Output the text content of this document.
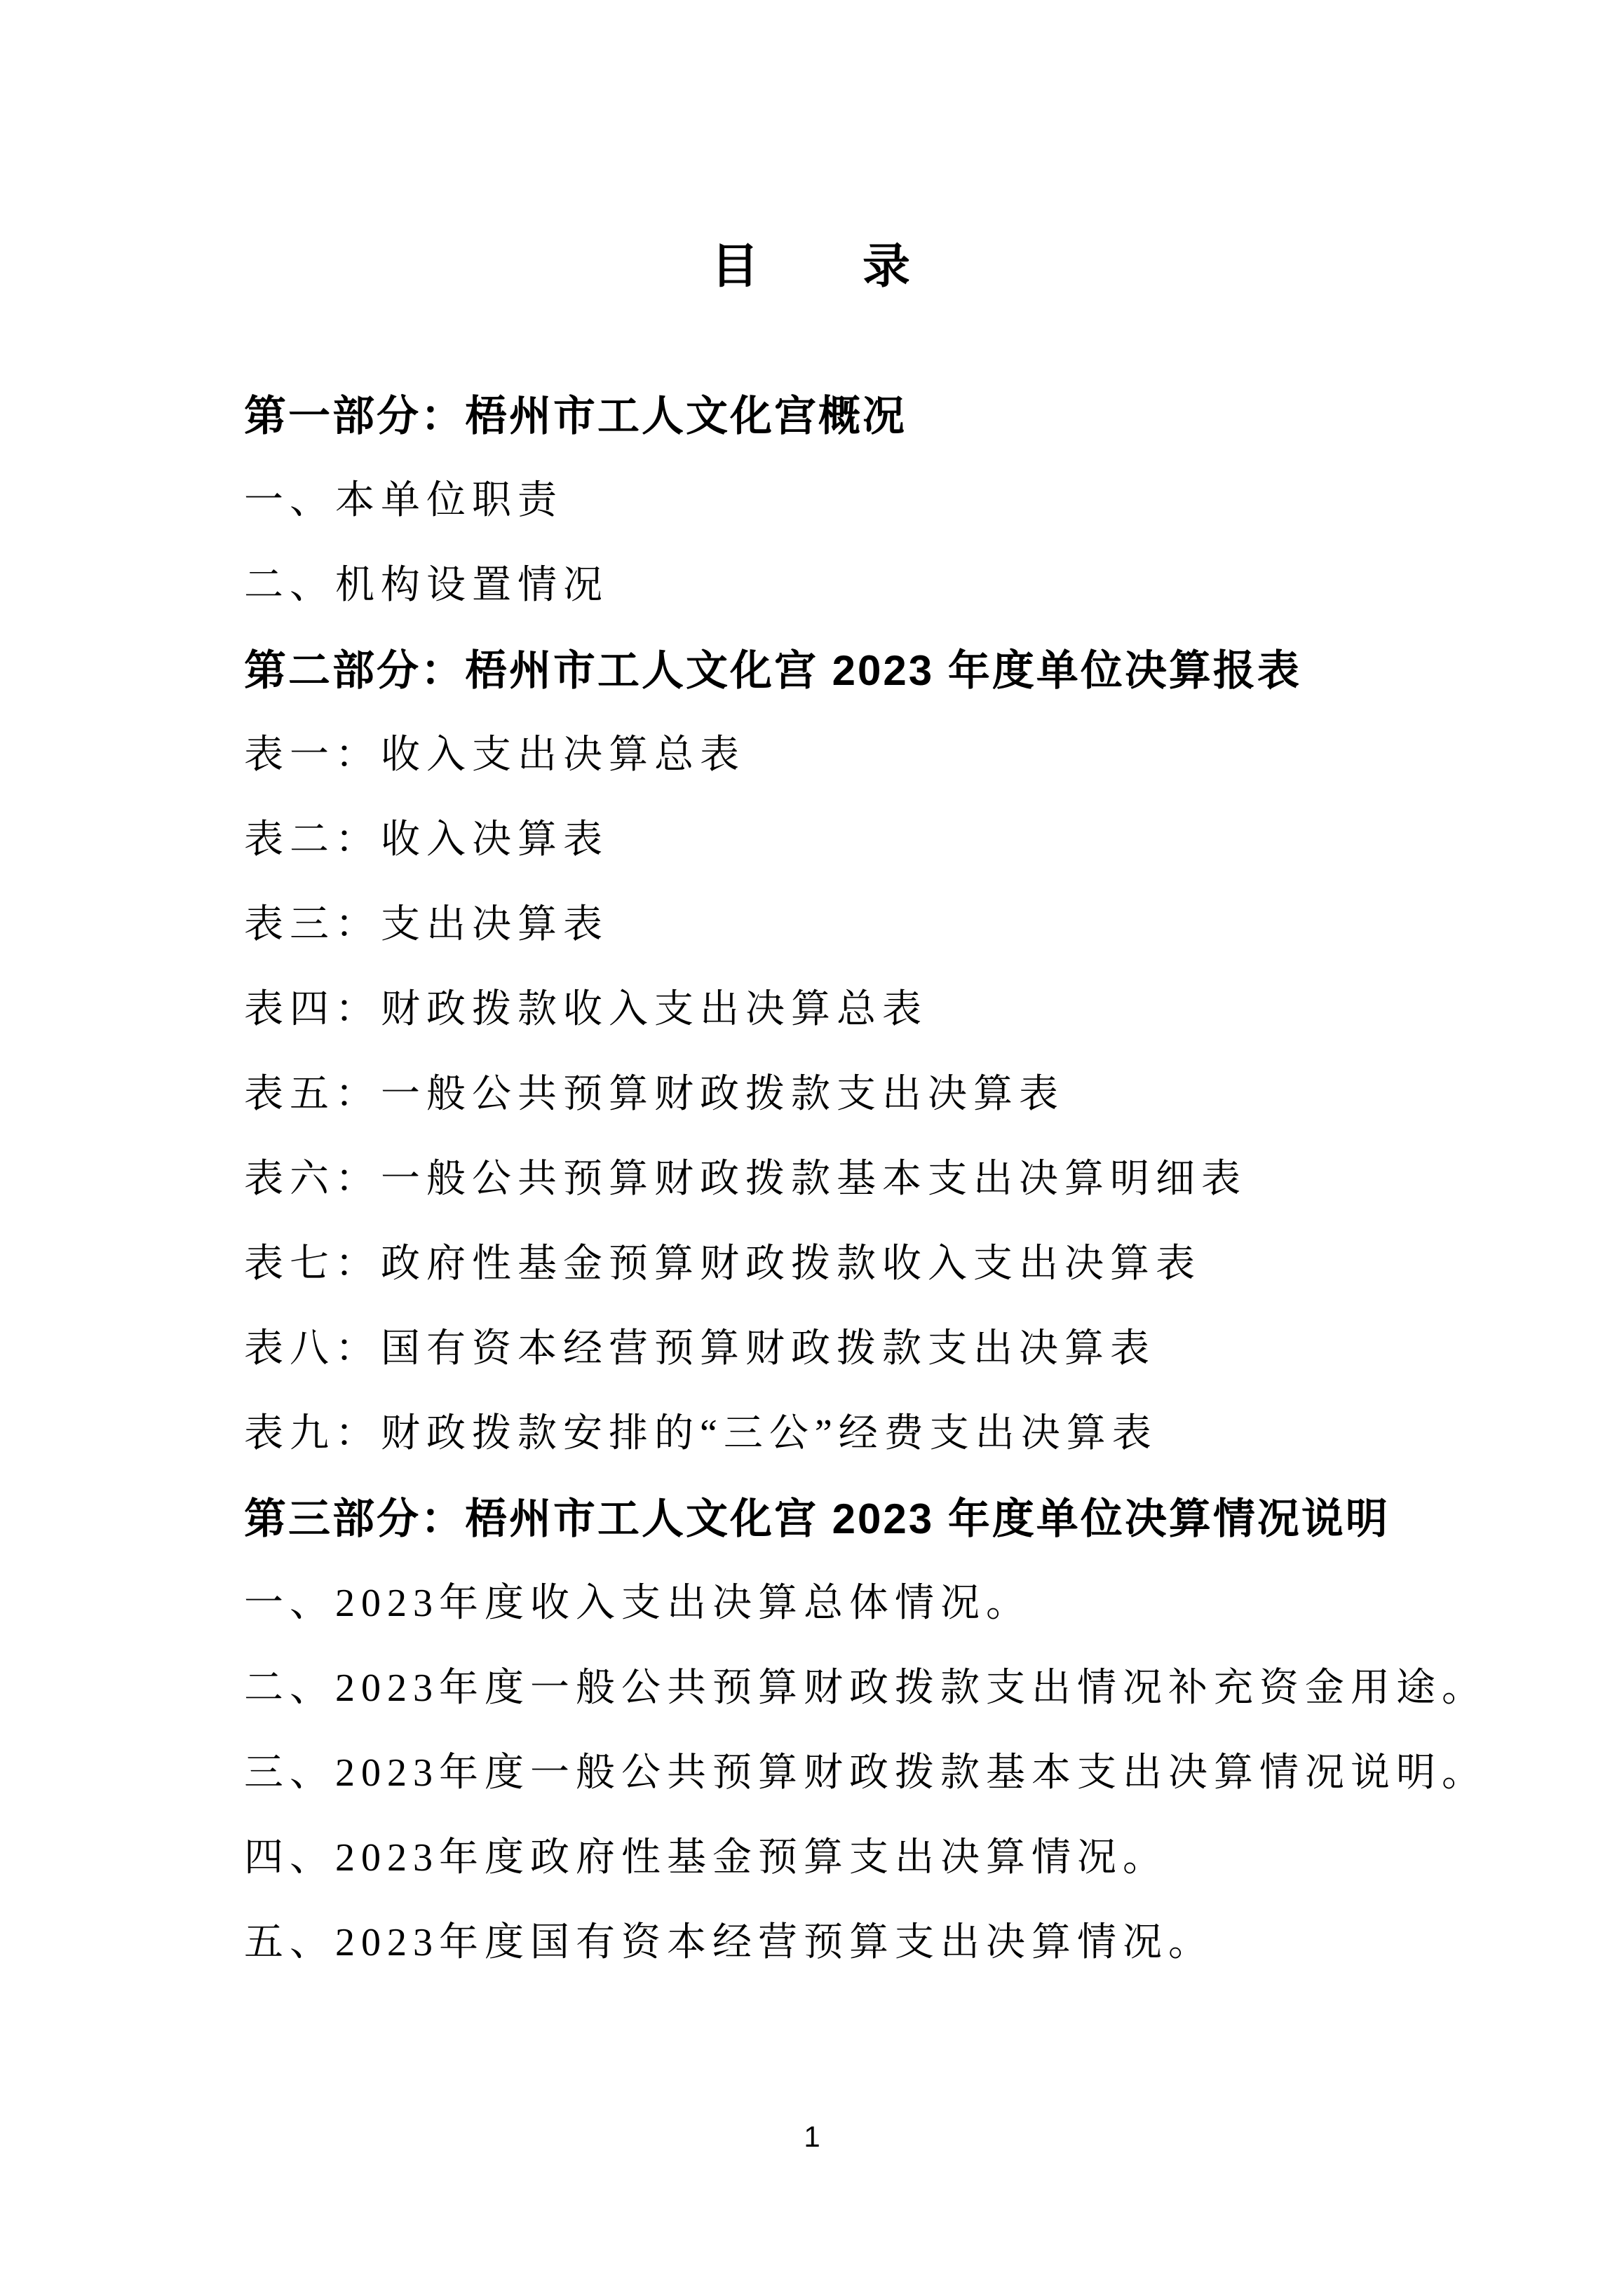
目　　录

第一部分：梧州市工人文化宫概况

一、本单位职责

二、机构设置情况

第二部分：梧州市工人文化宫 2023 年度单位决算报表

表一：收入支出决算总表

表二：收入决算表

表三：支出决算表

表四：财政拨款收入支出决算总表

表五：一般公共预算财政拨款支出决算表

表六：一般公共预算财政拨款基本支出决算明细表

表七：政府性基金预算财政拨款收入支出决算表

表八：国有资本经营预算财政拨款支出决算表

表九：财政拨款安排的“三公”经费支出决算表

第三部分：梧州市工人文化宫 2023 年度单位决算情况说明

一、2023年度收入支出决算总体情况。

二、2023年度一般公共预算财政拨款支出情况补充资金用途。

三、2023年度一般公共预算财政拨款基本支出决算情况说明。

四、2023年度政府性基金预算支出决算情况。

五、2023年度国有资本经营预算支出决算情况。

1
